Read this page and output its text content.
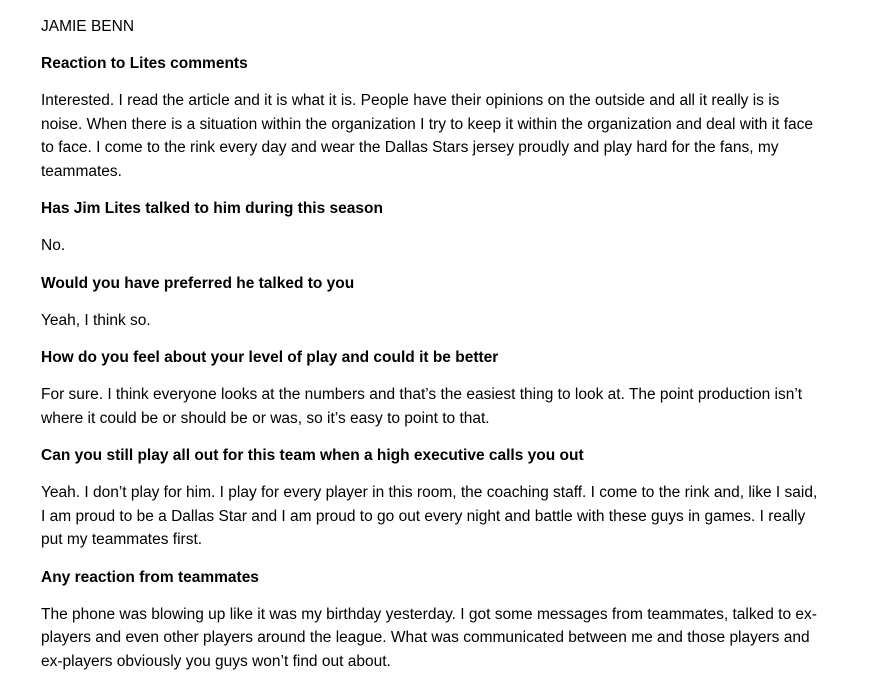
JAMIE BENN

Reaction to Lites comments

Interested. I read the article and it is what it is. People have their opinions on the outside and all it really is is noise. When there is a situation within the organization I try to keep it within the organization and deal with it face to face. I come to the rink every day and wear the Dallas Stars jersey proudly and play hard for the fans, my teammates.

Has Jim Lites talked to him during this season

No.

Would you have preferred he talked to you

Yeah, I think so.

How do you feel about your level of play and could it be better

For sure. I think everyone looks at the numbers and that’s the easiest thing to look at. The point production isn’t where it could be or should be or was, so it’s easy to point to that.

Can you still play all out for this team when a high executive calls you out

Yeah. I don’t play for him. I play for every player in this room, the coaching staff. I come to the rink and, like I said, I am proud to be a Dallas Star and I am proud to go out every night and battle with these guys in games. I really put my teammates first.

Any reaction from teammates

The phone was blowing up like it was my birthday yesterday. I got some messages from teammates, talked to ex-players and even other players around the league. What was communicated between me and those players and ex-players obviously you guys won’t find out about.
